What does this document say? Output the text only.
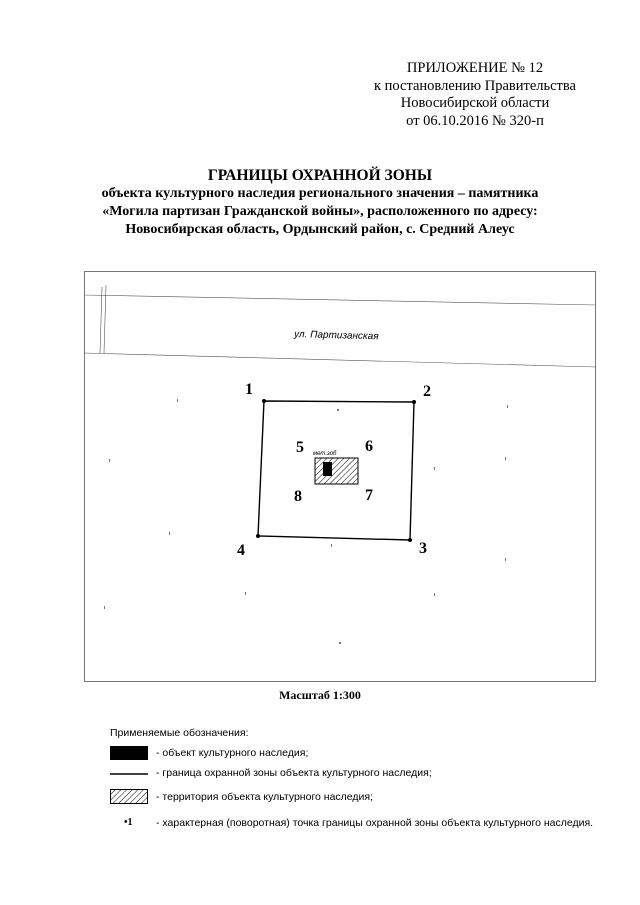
ПРИЛОЖЕНИЕ № 12
к постановлению Правительства
Новосибирской области
от 06.10.2016 № 320-п
ГРАНИЦЫ ОХРАННОЙ ЗОНЫ
объекта культурного наследия регионального значения – памятника
«Могила партизан Гражданской войны», расположенного по адресу:
Новосибирская область, Ордынский район, с. Средний Алеус
ул. Партизанская
мет.зоб
1	2
3
4
5	6
7
8
Масштаб 1:300
Применяемые обозначения:
- объект культурного наследия;
- граница охранной зоны объекта культурного наследия;
- территория объекта культурного наследия;
•1	- характерная (поворотная) точка границы охранной зоны объекта культурного наследия.
